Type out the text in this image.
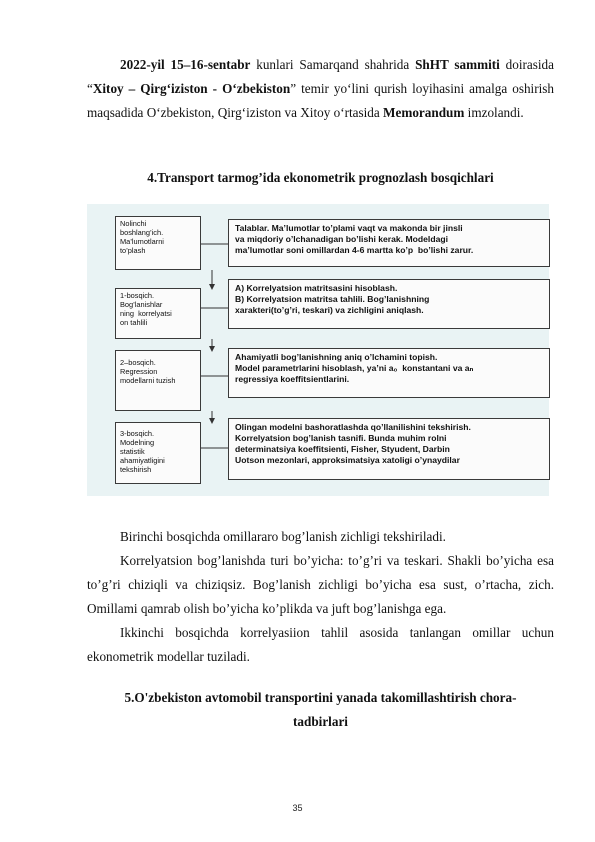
2022-yil 15–16-sentabr kunlari Samarqand shahrida ShHT sammiti doirasida “Xitoy – Qirg‘iziston - O‘zbekiston” temir yo‘lini qurish loyihasini amalga oshirish maqsadida O‘zbekiston, Qirg‘iziston va Xitoy o‘rtasida Memorandum imzolandi.
4.Transport tarmog’ida ekonometrik prognozlash bosqichlari
Nolinchi
boshlang’ich.
Ma’lumotlarni
to’plash
1-bosqich.
Bog’lanishlar
ning  korrelyatsi
on tahlili
2–bosqich.
Regression
modellarni tuzish
3-bosqich.
Modelning
statistik
ahamiyatligini
tekshirish
Talablar. Ma’lumotlar to’plami vaqt va makonda bir jinsli
va miqdoriy o’lchanadigan bo’lishi kerak. Modeldagi
ma’lumotlar soni omillardan 4-6 martta ko’p  bo’lishi zarur.
A) Korrelyatsion matritsasini hisoblash.
B) Korrelyatsion matritsa tahlili. Bog’lanishning
xarakteri(to’g’ri, teskari) va zichligini aniqlash.
Ahamiyatli bog’lanishning aniq o’lchamini topish.
Model parametrlarini hisoblash, ya’ni a₀  konstantani va aₙ
regressiya koeffitsientlarini.
Olingan modelni bashoratlashda qo’llanilishini tekshirish.
Korrelyatsion bog’lanish tasnifi. Bunda muhim rolni
determinatsiya koeffitsienti, Fisher, Styudent, Darbin
Uotson mezonlari, approksimatsiya xatoligi o’ynaydilar
Birinchi bosqichda omillararo bog’lanish zichligi tekshiriladi.
Korrelyatsion bog’lanishda turi bo’yicha: to’g’ri va teskari. Shakli bo’yicha esa to’g’ri chiziqli va chiziqsiz. Bog’lanish zichligi bo’yicha esa sust, o’rtacha, zich. Omillami qamrab olish bo’yicha ko’plikda va juft bog’lanishga ega.
Ikkinchi bosqichda korrelyasiion tahlil asosida tanlangan omillar uchun ekonometrik modellar tuziladi.
5.O'zbekiston avtomobil transportini yanada takomillashtirish chora-
tadbirlari
35
